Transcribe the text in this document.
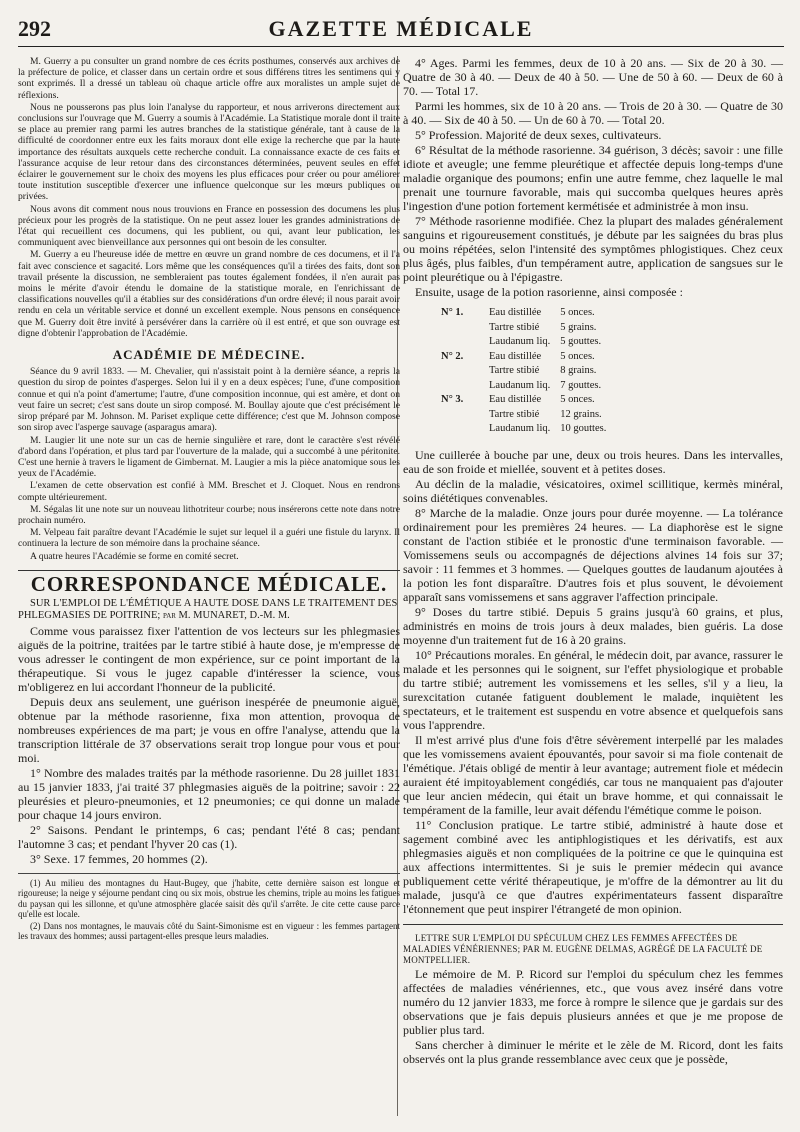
292	GAZETTE MÉDICALE

M. Guerry a pu consulter un grand nombre de ces écrits posthumes, conservés aux archives de la préfecture de police, et classer dans un certain ordre et sous différens titres les sentimens qui y sont exprimés. Il a dressé un tableau où chaque article offre aux moralistes un ample sujet de réflexions.

Nous ne pousserons pas plus loin l'analyse du rapporteur, et nous arriverons directement aux conclusions sur l'ouvrage que M. Guerry a soumis à l'Académie. La Statistique morale dont il traite se place au premier rang parmi les autres branches de la statistique générale, tant à cause de la difficulté de coordonner entre eux les faits moraux dont elle exige la recherche que par la haute importance des résultats auxquels cette recherche conduit. La connaissance exacte de ces faits et l'assurance acquise de leur retour dans des circonstances déterminées, peuvent seules en effet éclairer le gouvernement sur le choix des moyens les plus efficaces pour créer ou pour améliorer toute institution susceptible d'exercer une influence quelconque sur les mœurs publiques ou privées.

Nous avons dit comment nous nous trouvions en France en possession des documens les plus précieux pour les progrès de la statistique. On ne peut assez louer les grandes administrations de l'état qui recueillent ces documens, qui les publient, ou qui, avant leur publication, les communiquent avec bienveillance aux personnes qui ont besoin de les consulter.

M. Guerry a eu l'heureuse idée de mettre en œuvre un grand nombre de ces documens, et il l'a fait avec conscience et sagacité. Lors même que les conséquences qu'il a tirées des faits, dont son travail présente la discussion, ne sembleraient pas toutes également fondées, il n'en aurait pas moins le mérite d'avoir étendu le domaine de la statistique morale, en l'enrichissant de classifications nouvelles qu'il a établies sur des considérations d'un ordre élevé; il nous parait avoir rendu en cela un véritable service et donné un excellent exemple. Nous pensons en conséquence que M. Guerry doit être invité à persévérer dans la carrière où il est entré, et que son ouvrage est digne d'obtenir l'approbation de l'Académie.

ACADÉMIE DE MÉDECINE.

Séance du 9 avril 1833. — M. Chevalier, qui n'assistait point à la dernière séance, a repris la question du sirop de pointes d'asperges. Selon lui il y en a deux espèces; l'une, d'une composition connue et qui n'a point d'amertume; l'autre, d'une composition inconnue, qui est amère, et dont on veut faire un secret; c'est sans doute un sirop composé. M. Boullay ajoute que c'est précisément le sirop préparé par M. Johnson. M. Pariset explique cette différence; c'est que M. Johnson compose son sirop avec l'asperge sauvage (asparagus amara).

M. Laugier lit une note sur un cas de hernie singulière et rare, dont le caractère s'est révélé d'abord dans l'opération, et plus tard par l'ouverture de la malade, qui a succombé à une péritonite. C'est une hernie à travers le ligament de Gimbernat. M. Laugier a mis la pièce anatomique sous les yeux de l'Académie.

L'examen de cette observation est confié à MM. Breschet et J. Cloquet. Nous en rendrons compte ultérieurement.

M. Ségalas lit une note sur un nouveau lithotriteur courbe; nous insérerons cette note dans notre prochain numéro.

M. Velpeau fait paraître devant l'Académie le sujet sur lequel il a guéri une fistule du larynx. Il continuera la lecture de son mémoire dans la prochaine séance.

A quatre heures l'Académie se forme en comité secret.

CORRESPONDANCE MÉDICALE.

SUR L'EMPLOI DE L'ÉMÉTIQUE A HAUTE DOSE DANS LE TRAITEMENT DES PHLEGMASIES DE POITRINE; par M. MUNARET, D.-M. M.

Comme vous paraissez fixer l'attention de vos lecteurs sur les phlegmasies aiguës de la poitrine, traitées par le tartre stibié à haute dose, je m'empresse de vous adresser le contingent de mon expérience, sur ce point important de la thérapeutique. Si vous le jugez capable d'intéresser la science, vous m'obligerez en lui accordant l'honneur de la publicité.

Depuis deux ans seulement, une guérison inespérée de pneumonie aiguë, obtenue par la méthode rasorienne, fixa mon attention, provoqua de nombreuses expériences de ma part; je vous en offre l'analyse, attendu que la transcription littérale de 37 observations serait trop longue pour vous et pour moi.

1° Nombre des malades traités par la méthode rasorienne. Du 28 juillet 1831 au 15 janvier 1833, j'ai traité 37 phlegmasies aiguës de la poitrine; savoir : 22 pleurésies et pleuro-pneumonies, et 12 pneumonies; ce qui donne un malade pour chaque 14 jours environ.

2° Saisons. Pendant le printemps, 6 cas; pendant l'été 8 cas; pendant l'automne 3 cas; et pendant l'hyver 20 cas (1).

3° Sexe. 17 femmes, 20 hommes (2).

(1) Au milieu des montagnes du Haut-Bugey, que j'habite, cette dernière saison est longue et rigoureuse; la neige y séjourne pendant cinq ou six mois, obstrue les chemins, triple au moins les fatigues du paysan qui les sillonne, et qu'une atmosphère glacée saisit dès qu'il s'arrête. Je cite cette cause parce qu'elle est locale.

(2) Dans nos montagnes, le mauvais côté du Saint-Simonisme est en vigueur : les femmes partagent les travaux des hommes; aussi partagent-elles presque leurs maladies.

4° Ages. Parmi les femmes, deux de 10 à 20 ans. — Six de 20 à 30. — Quatre de 30 à 40. — Deux de 40 à 50. — Une de 50 à 60. — Deux de 60 à 70. — Total 17.

Parmi les hommes, six de 10 à 20 ans. — Trois de 20 à 30. — Quatre de 30 à 40. — Six de 40 à 50. — Un de 60 à 70. — Total 20.

5° Profession. Majorité de deux sexes, cultivateurs.

6° Résultat de la méthode rasorienne. 34 guérison, 3 décès; savoir : une fille idiote et aveugle; une femme pleurétique et affectée depuis long-temps d'une maladie organique des poumons; enfin une autre femme, chez laquelle le mal prenait une tournure favorable, mais qui succomba quelques heures après l'ingestion d'une potion fortement kermétisée et administrée à mon insu.

7° Méthode rasorienne modifiée. Chez la plupart des malades généralement sanguins et rigoureusement constitués, je débute par les saignées du bras plus ou moins répétées, selon l'intensité des symptômes phlogistiques. Chez ceux plus âgés, plus faibles, d'un tempérament autre, application de sangsues sur le point pleurétique ou à l'épigastre.

Ensuite, usage de la potion rasorienne, ainsi composée :

N° 1.	Eau distillée	5 onces.
	Tartre stibié	5 grains.
	Laudanum liq.	5 gouttes.
N° 2.	Eau distillée	5 onces.
	Tartre stibié	8 grains.
	Laudanum liq.	7 gouttes.
N° 3.	Eau distillée	5 onces.
	Tartre stibié	12 grains.
	Laudanum liq.	10 gouttes.

Une cuillerée à bouche par une, deux ou trois heures. Dans les intervalles, eau de son froide et miellée, souvent et à petites doses.

Au déclin de la maladie, vésicatoires, oximel scillitique, kermès minéral, soins diététiques convenables.

8° Marche de la maladie. Onze jours pour durée moyenne. — La tolérance ordinairement pour les premières 24 heures. — La diaphorèse est le signe constant de l'action stibiée et le pronostic d'une terminaison favorable. — Vomissemens seuls ou accompagnés de déjections alvines 14 fois sur 37; savoir : 11 femmes et 3 hommes. — Quelques gouttes de laudanum ajoutées à la potion les font disparaître. D'autres fois et plus souvent, le dévoiement apparaît sans vomissemens et sans aggraver l'affection principale.

9° Doses du tartre stibié. Depuis 5 grains jusqu'à 60 grains, et plus, administrés en moins de trois jours à deux malades, bien guéris. La dose moyenne d'un traitement fut de 16 à 20 grains.

10° Précautions morales. En général, le médecin doit, par avance, rassurer le malade et les personnes qui le soignent, sur l'effet physiologique et probable du tartre stibié; autrement les vomissemens et les selles, s'il y a lieu, la surexcitation cutanée fatiguent doublement le malade, inquiètent les spectateurs, et le traitement est suspendu en votre absence et quelquefois sans vous l'apprendre.

Il m'est arrivé plus d'une fois d'être sévèrement interpellé par les malades que les vomissemens avaient épouvantés, pour savoir si ma fiole contenait de l'émétique. J'étais obligé de mentir à leur avantage; autrement fiole et médecin auraient été impitoyablement congédiés, car tous ne manquaient pas d'ajouter que leur ancien médecin, qui était un brave homme, et qui connaissait le tempérament de la famille, leur avait défendu l'émétique comme le poison.

11° Conclusion pratique. Le tartre stibié, administré à haute dose et sagement combiné avec les antiphlogistiques et les dérivatifs, est aux phlegmasies aiguës et non compliquées de la poitrine ce que le quinquina est aux affections intermittentes. Si je suis le premier médecin qui avance publiquement cette vérité thérapeutique, je m'offre de la démontrer au lit du malade, jusqu'à ce que d'autres expérimentateurs fassent disparaître l'étonnement que peut inspirer l'étrangeté de mon opinion.

LETTRE SUR L'EMPLOI DU SPÉCULUM CHEZ LES FEMMES AFFECTÉES DE MALADIES VÉNÉRIENNES; PAR M. EUGÈNE DELMAS, AGRÉGÉ DE LA FACULTÉ DE MONTPELLIER.

Le mémoire de M. P. Ricord sur l'emploi du spéculum chez les femmes affectées de maladies vénériennes, etc., que vous avez inséré dans votre numéro du 12 janvier 1833, me force à rompre le silence que je gardais sur des observations que je fais depuis plusieurs années et que je me propose de publier plus tard.

Sans chercher à diminuer le mérite et le zèle de M. Ricord, dont les faits observés ont la plus grande ressemblance avec ceux que je possède,
